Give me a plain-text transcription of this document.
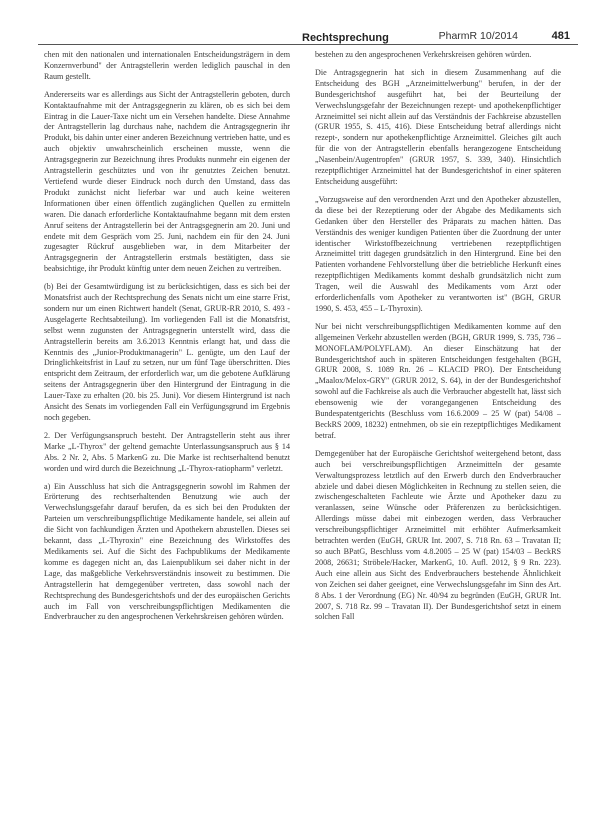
Rechtsprechung	PharmR 10/2014	481

chen mit den nationalen und internationalen Entscheidungsträgern in dem Konzernverbund" der Antragstellerin werden lediglich pauschal in den Raum gestellt.

Andererseits war es allerdings aus Sicht der Antragstellerin geboten, durch Kontaktaufnahme mit der Antragsgegnerin zu klären, ob es sich bei dem Eintrag in die Lauer-Taxe nicht um ein Versehen handelte. Diese Annahme der Antragstellerin lag durchaus nahe, nachdem die Antragsgegnerin ihr Produkt, bis dahin unter einer anderen Bezeichnung vertrieben hatte, und es auch objektiv unwahrscheinlich erscheinen musste, wenn die Antragsgegnerin zur Bezeichnung ihres Produkts nunmehr ein eigenen der Antragstellerin geschütztes und von ihr genutztes Zeichen benutzt. Vertiefend wurde dieser Eindruck noch durch den Umstand, dass das Produkt zunächst nicht lieferbar war und auch keine weiteren Informationen über einen öffentlich zugänglichen Quellen zu ermitteln waren. Die danach erforderliche Kontaktaufnahme begann mit dem ersten Anruf seitens der Antragstellerin bei der Antragsgegnerin am 20. Juni und endete mit dem Gespräch vom 25. Juni, nachdem ein für den 24. Juni zugesagter Rückruf ausgeblieben war, in dem Mitarbeiter der Antragsgegnerin der Antragstellerin erstmals bestätigten, dass sie beabsichtige, ihr Produkt künftig unter dem neuen Zeichen zu vertreiben.

(b) Bei der Gesamtwürdigung ist zu berücksichtigen, dass es sich bei der Monatsfrist auch der Rechtsprechung des Senats nicht um eine starre Frist, sondern nur um einen Richtwert handelt (Senat, GRUR-RR 2010, S. 493 - Ausgelagerte Rechtsabteilung). Im vorliegenden Fall ist die Monatsfrist, selbst wenn zugunsten der Antragsgegnerin unterstellt wird, dass die Antragstellerin bereits am 3.6.2013 Kenntnis erlangt hat, und dass die Kenntnis des „Junior-Produktmanagerin" L. genügte, um den Lauf der Dringlichkeitsfrist in Lauf zu setzen, nur um fünf Tage überschritten. Dies entspricht dem Zeitraum, der erforderlich war, um die gebotene Aufklärung seitens der Antragsgegnerin über den Hintergrund der Eintragung in die Lauer-Taxe zu erhalten (20. bis 25. Juni). Vor diesem Hintergrund ist nach Ansicht des Senats im vorliegenden Fall ein Verfügungsgrund im Ergebnis noch gegeben.

2. Der Verfügungsanspruch besteht. Der Antragstellerin steht aus ihrer Marke „L-Thyrox" der geltend gemachte Unterlassungsanspruch aus § 14 Abs. 2 Nr. 2, Abs. 5 MarkenG zu. Die Marke ist rechtserhaltend benutzt worden und wird durch die Bezeichnung „L-Thyrox-ratiopharm" verletzt.

a) Ein Ausschluss hat sich die Antragsgegnerin sowohl im Rahmen der Erörterung des rechtserhaltenden Benutzung wie auch der Verwechslungsgefahr darauf berufen, da es sich bei den Produkten der Parteien um verschreibungspflichtige Medikamente handele, sei allein auf die Sicht von fachkundigen Ärzten und Apothekern abzustellen. Dieses sei bekannt, dass „L-Thyroxin" eine Bezeichnung des Wirkstoffes des Medikaments sei. Auf die Sicht des Fachpublikums der Medikamente komme es dagegen nicht an, das Laienpublikum sei daher nicht in der Lage, das maßgebliche Verkehrsverständnis insoweit zu bestimmen. Die Antragstellerin hat demgegenüber vertreten, dass sowohl nach der Rechtsprechung des Bundesgerichtshofs und der des europäischen Gerichts auch im Fall von verschreibungspflichtigen Medikamenten die Endverbraucher zu den angesprochenen Verkehrskreisen gehören würden.

bestehen zu den angesprochenen Verkehrskreisen gehören würden.

Die Antragsgegnerin hat sich in diesem Zusammenhang auf die Entscheidung des BGH „Arzneimittelwerbung" berufen, in der der Bundesgerichtshof ausgeführt hat, bei der Beurteilung der Verwechslungsgefahr der Bezeichnungen rezept- und apothekenpflichtiger Arzneimittel sei nicht allein auf das Verständnis der Fachkreise abzustellen (GRUR 1955, S. 415, 416). Diese Entscheidung betraf allerdings nicht rezept-, sondern nur apothekenpflichtige Arzneimittel. Gleiches gilt auch für die von der Antragstellerin ebenfalls herangezogene Entscheidung „Nasenbein/Augentropfen" (GRUR 1957, S. 339, 340). Hinsichtlich rezeptpflichtiger Arzneimittel hat der Bundesgerichtshof in einer späteren Entscheidung ausgeführt:

„Vorzugsweise auf den verordnenden Arzt und den Apotheker abzustellen, da diese bei der Rezeptierung oder der Abgabe des Medikaments sich Gedanken über den Hersteller des Präparats zu machen hätten. Das Verständnis des weniger kundigen Patienten über die Zuordnung der unter identischer Wirkstoffbezeichnung vertriebenen rezeptpflichtigen Arzneimittel tritt dagegen grundsätzlich in den Hintergrund. Eine bei den Patienten vorhandene Fehlvorstellung über die betriebliche Herkunft eines rezeptpflichtigen Medikaments kommt deshalb grundsätzlich nicht zum Tragen, weil die Auswahl des Medikaments vom Arzt oder erforderlichenfalls vom Apotheker zu verantworten ist" (BGH, GRUR 1990, S. 453, 455 – L-Thyroxin).

Nur bei nicht verschreibungspflichtigen Medikamenten komme auf den allgemeinen Verkehr abzustellen werden (BGH, GRUR 1999, S. 735, 736 – MONOFLAM/POLYFLAM). An dieser Einschätzung hat der Bundesgerichtshof auch in späteren Entscheidungen festgehalten (BGH, GRUR 2008, S. 1089 Rn. 26 – KLACID PRO). Der Entscheidung „Maalox/Melox-GRY" (GRUR 2012, S. 64), in der der Bundesgerichtshof sowohl auf die Fachkreise als auch die Verbraucher abgestellt hat, lässt sich ebensowenig wie der vorangegangenen Entscheidung des Bundespatentgerichts (Beschluss vom 16.6.2009 – 25 W (pat) 54/08 – BeckRS 2009, 18232) entnehmen, ob sie ein rezeptpflichtiges Medikament betraf.

Demgegenüber hat der Europäische Gerichtshof weitergehend betont, dass auch bei verschreibungspflichtigen Arzneimitteln der gesamte Verwaltungsprozess letztlich auf den Erwerb durch den Endverbraucher abziele und dabei diesen Möglichkeiten in Rechnung zu stellen seien, die zwischengeschalteten Fachleute wie Ärzte und Apotheker dazu zu veranlassen, seine Wünsche oder Präferenzen zu berücksichtigen. Allerdings müsse dabei mit einbezogen werden, dass Verbraucher verschreibungspflichtiger Arzneimittel mit erhöhter Aufmerksamkeit betrachten werden (EuGH, GRUR Int. 2007, S. 718 Rn. 63 – Travatan II; so auch BPatG, Beschluss vom 4.8.2005 – 25 W (pat) 154/03 – BeckRS 2008, 26631; Ströbele/Hacker, MarkenG, 10. Aufl. 2012, § 9 Rn. 223). Auch eine allein aus Sicht des Endverbrauchers bestehende Ähnlichkeit von Zeichen sei daher geeignet, eine Verwechslungsgefahr im Sinn des Art. 8 Abs. 1 der Verordnung (EG) Nr. 40/94 zu begründen (EuGH, GRUR Int. 2007, S. 718 Rz. 99 – Travatan II). Der Bundesgerichtshof setzt in einem solchen Fall
